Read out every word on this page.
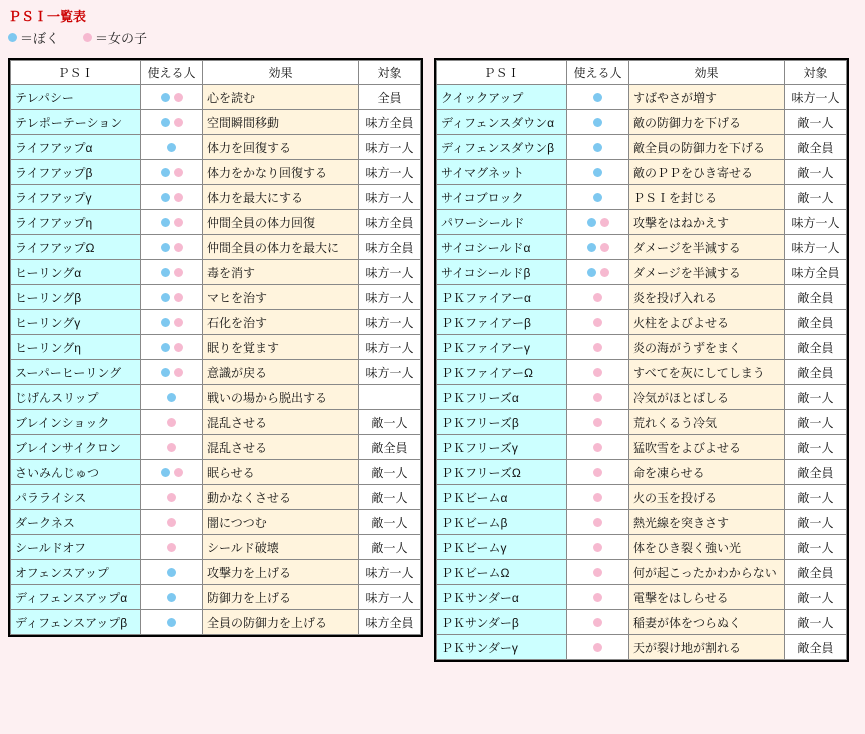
ＰＳＩ一覧表
＝ぼく	＝女の子
ＰＳＩ	使える人	効果	対象
テレパシー		心を読む	全員
テレポーテーション		空間瞬間移動	味方全員
ライフアップα		体力を回復する	味方一人
ライフアップβ		体力をかなり回復する	味方一人
ライフアップγ		体力を最大にする	味方一人
ライフアップη		仲間全員の体力回復	味方全員
ライフアップΩ		仲間全員の体力を最大に	味方全員
ヒーリングα		毒を消す	味方一人
ヒーリングβ		マヒを治す	味方一人
ヒーリングγ		石化を治す	味方一人
ヒーリングη		眠りを覚ます	味方一人
スーパーヒーリング		意識が戻る	味方一人
じげんスリップ		戦いの場から脱出する	
ブレインショック		混乱させる	敵一人
ブレインサイクロン		混乱させる	敵全員
さいみんじゅつ		眠らせる	敵一人
パラライシス		動かなくさせる	敵一人
ダークネス		闇につつむ	敵一人
シールドオフ		シールド破壊	敵一人
オフェンスアップ		攻撃力を上げる	味方一人
ディフェンスアップα		防御力を上げる	味方一人
ディフェンスアップβ		全員の防御力を上げる	味方全員
ＰＳＩ	使える人	効果	対象
クイックアップ		すばやさが増す	味方一人
ディフェンスダウンα		敵の防御力を下げる	敵一人
ディフェンスダウンβ		敵全員の防御力を下げる	敵全員
サイマグネット		敵のＰＰをひき寄せる	敵一人
サイコブロック		ＰＳＩを封じる	敵一人
パワーシールド		攻撃をはねかえす	味方一人
サイコシールドα		ダメージを半減する	味方一人
サイコシールドβ		ダメージを半減する	味方全員
ＰＫファイアーα		炎を投げ入れる	敵全員
ＰＫファイアーβ		火柱をよびよせる	敵全員
ＰＫファイアーγ		炎の海がうずをまく	敵全員
ＰＫファイアーΩ		すべてを灰にしてしまう	敵全員
ＰＫフリーズα		冷気がほとばしる	敵一人
ＰＫフリーズβ		荒れくるう冷気	敵一人
ＰＫフリーズγ		猛吹雪をよびよせる	敵一人
ＰＫフリーズΩ		命を凍らせる	敵全員
ＰＫビームα		火の玉を投げる	敵一人
ＰＫビームβ		熱光線を突きさす	敵一人
ＰＫビームγ		体をひき裂く強い光	敵一人
ＰＫビームΩ		何が起こったかわからない	敵全員
ＰＫサンダーα		電撃をはしらせる	敵一人
ＰＫサンダーβ		稲妻が体をつらぬく	敵一人
ＰＫサンダーγ		天が裂け地が割れる	敵全員
